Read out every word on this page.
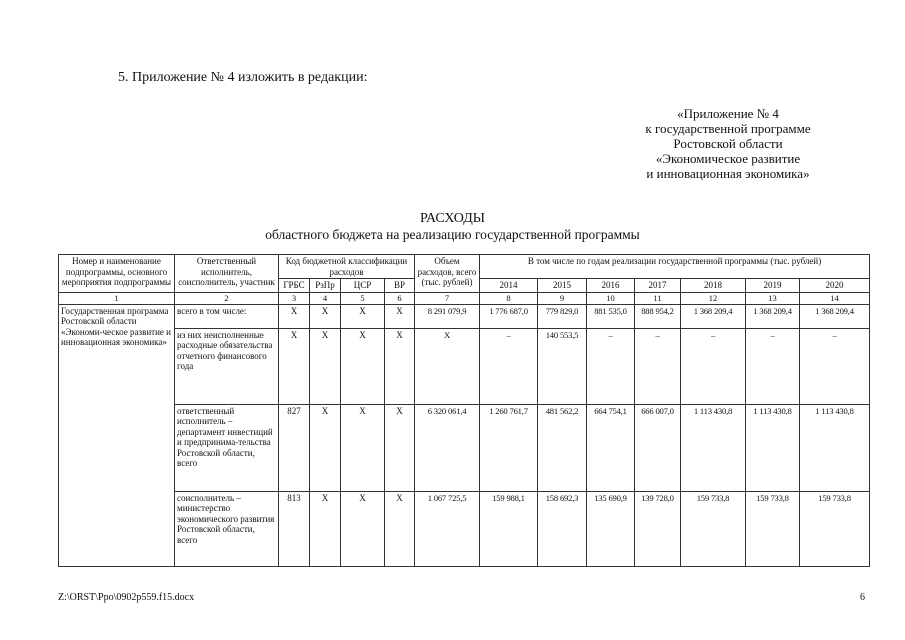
5. Приложение № 4 изложить в редакции:
«Приложение № 4
к государственной программе
Ростовской области
«Экономическое развитие
и инновационная экономика»
РАСХОДЫ
областного бюджета на реализацию государственной программы
Номер и наименование подпрограммы, основного мероприятия подпрограммы	Ответственный исполнитель, соисполнитель, участник	Код бюджетной классификации расходов				Объем расходов, всего (тыс. рублей)	В том числе по годам реализации государственной программы (тыс. рублей)						
		ГРБС	РзПр	ЦСР	ВР		2014	2015	2016	2017	2018	2019	2020
1	2	3	4	5	6	7	8	9	10	11	12	13	14
Государственная программа Ростовской области «Экономи-ческое развитие и инновационная экономика»	всего в том числе:	Х	Х	Х	Х	8 291 079,9	1 776 687,0	779 829,0	881 535,0	888 954,2	1 368 209,4	1 368 209,4	1 368 209,4
	из них неисполненные расходные обязательства отчетного финансового года	Х	Х	Х	Х	Х	–	140 553,5	–	–	–	–	–
	ответственный исполнитель – департамент инвестиций и предпринима-тельства Ростовской области, всего	827	Х	Х	Х	6 320 061,4	1 260 761,7	481 562,2	664 754,1	666 007,0	1 113 430,8	1 113 430,8	1 113 430,8
	соисполнитель – министерство экономического развития Ростовской области, всего	813	Х	Х	Х	1 067 725,5	159 988,1	158 692,3	135 690,9	139 728,0	159 733,8	159 733,8	159 733,8
Z:\ORST\Ppo\0902p559.f15.docx	6
